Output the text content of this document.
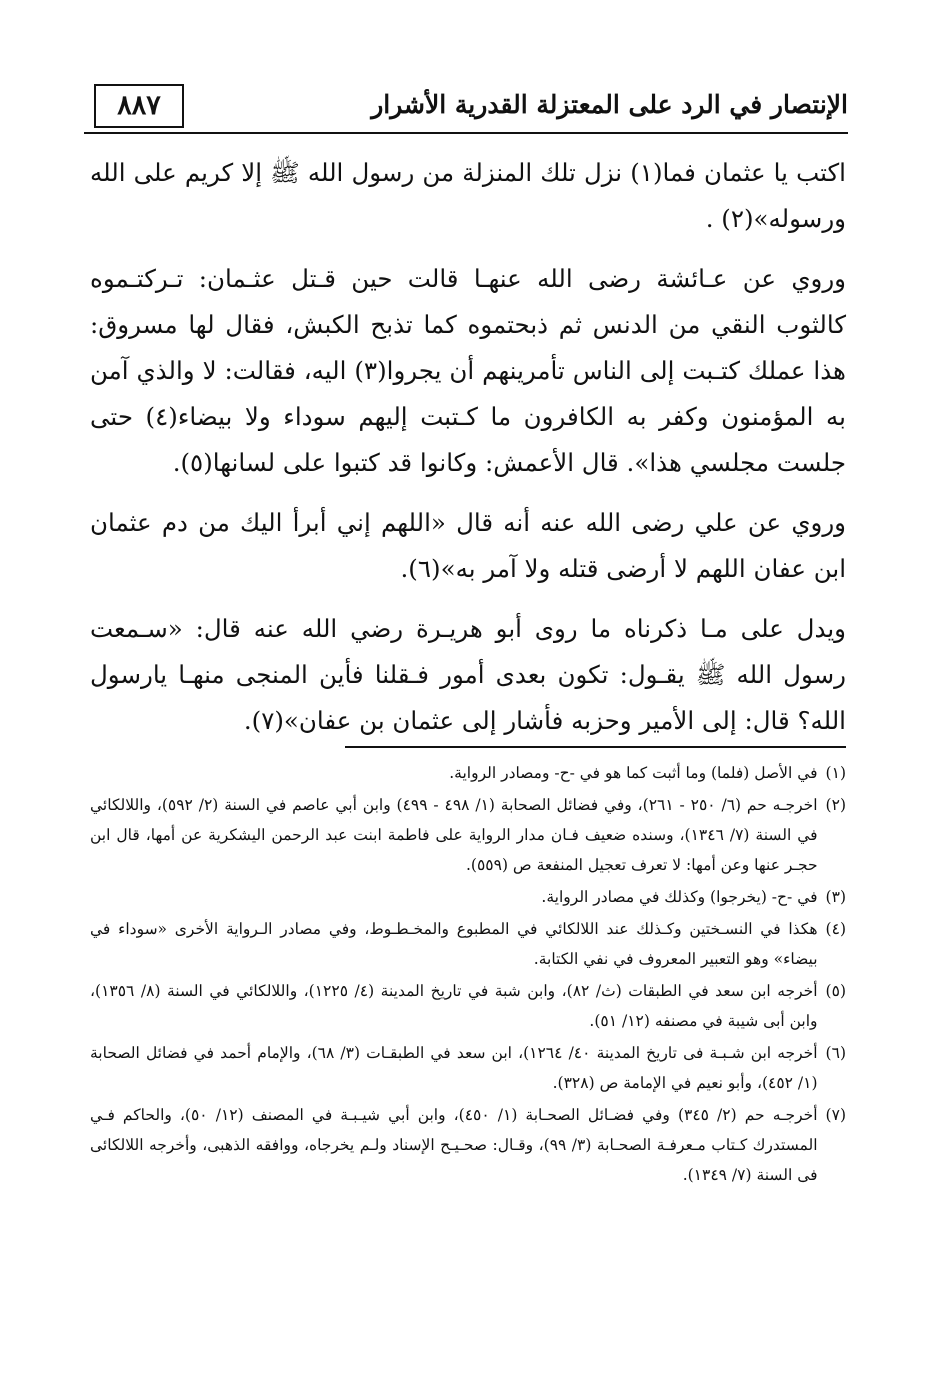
الإنتصار في الرد على المعتزلة القدرية الأشرار
٨٨٧

اكتب يا عثمان فما(١) نزل تلك المنزلة من رسول الله ﷺ إلا كريم على الله ورسوله»(٢) .

وروي عن عـائشة رضى الله عنهـا قالت حين قـتل عثـمان: تـركتـموه كالثوب النقي من الدنس ثم ذبحتموه كما تذبح الكبش، فقال لها مسروق: هذا عملك كتـبت إلى الناس تأمرينهم أن يجروا(٣) اليه، فقالت: لا والذي آمن به المؤمنون وكفر به الكافرون ما كـتبت إليهم سوداء ولا بيضاء(٤) حتى جلست مجلسي هذا». قال الأعمش: وكانوا قد كتبوا على لسانها(٥).

وروي عن علي رضى الله عنه أنه قال «اللهم إني أبرأ اليك من دم عثمان ابن عفان اللهم لا أرضى قتله ولا آمر به»(٦).

ويدل على مـا ذكرناه ما روى أبو هريـرة رضي الله عنه قال: «سـمعت رسول الله ﷺ يقـول: تكون بعدى أمور فـقلنا فأين المنجى منهـا يارسول الله؟ قال: إلى الأمير وحزبه فأشار إلى عثمان بن عفان»(٧).

(١)
في الأصل (فلما) وما أثبت كما هو في -ح- ومصادر الرواية.
(٢)
اخرجـه حم (٦/ ٢٥٠ - ٢٦١)، وفي فضائل الصحابة (١/ ٤٩٨ - ٤٩٩) وابن أبي عاصم في السنة (٢/ ٥٩٢)، واللالكائي في السنة (٧/ ١٣٤٦)، وسنده ضعيف فـان مدار الرواية على فاطمة ابنت عبد الرحمن اليشكرية عن أمها، قال ابن حجـر عنها وعن أمها: لا تعرف تعجيل المنفعة ص (٥٥٩).
(٣)
في -ح- (يخرجوا) وكذلك في مصادر الرواية.
(٤)
هكذا في النسـختين وكـذلك عند اللالكائي في المطبوع والمخـطـوط، وفي مصادر الـرواية الأخرى «سوداء في بيضاء» وهو التعبير المعروف في نفي الكتابة.
(٥)
أخرجه ابن سعد في الطبقات (ث/ ٨٢)، وابن شبة في تاريخ المدينة (٤/ ١٢٢٥)، واللالكائي في السنة (٨/ ١٣٥٦)، وابن أبى شيبة في مصنفه (١٢/ ٥١).
(٦)
أخرجه ابن شـبـة فى تاريخ المدينة ٤٠/ ١٢٦٤)، ابن سعد في الطبقـات (٣/ ٦٨)، والإمام أحمد في فضائل الصحابة (١/ ٤٥٢)، وأبو نعيم في الإمامة ص (٣٢٨).
(٧)
أخرجـه حم (٢/ ٣٤٥) وفي فضـائل الصحـابة (١/ ٤٥٠)، وابن أبي شيـبـة في المصنف (١٢/ ٥٠)، والحاكم فـي المستدرك كـتاب مـعرفـة الصحـابة (٣/ ٩٩)، وقـال: صحـيـح الإسناد ولـم يخرجاه، ووافقه الذهبى، وأخرجه اللالكائى فى السنة (٧/ ١٣٤٩).
